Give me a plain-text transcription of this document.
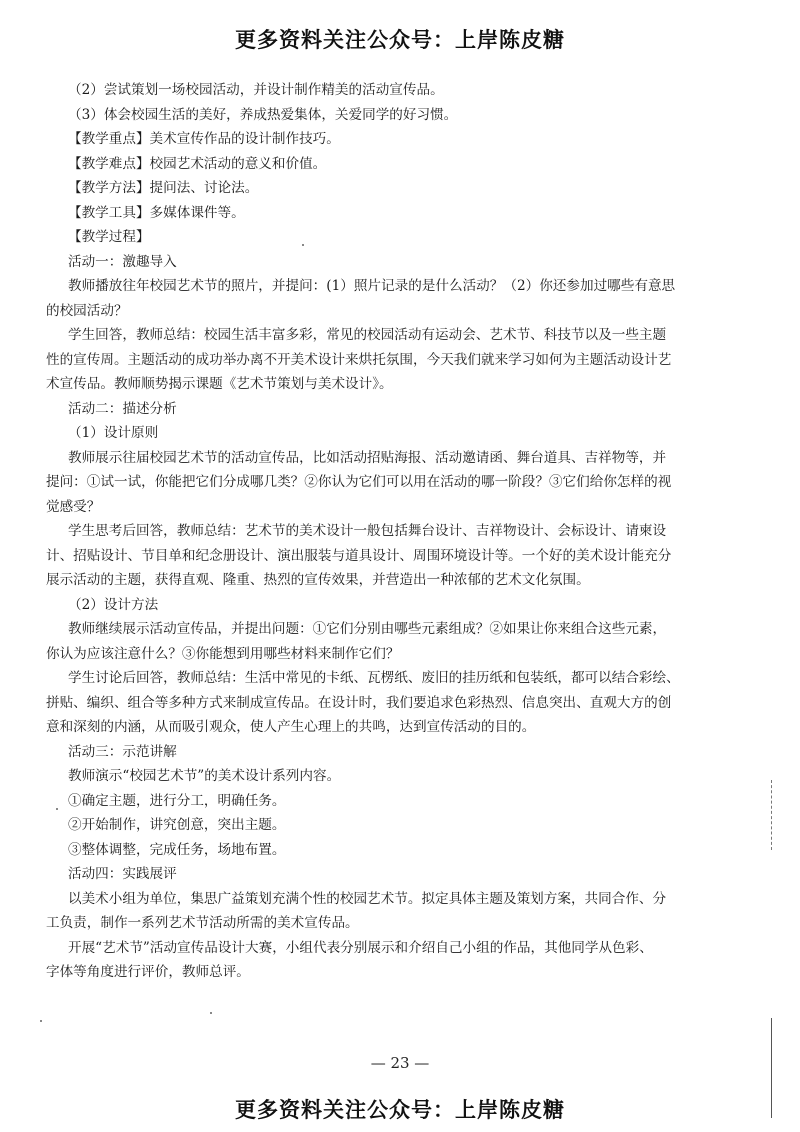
更多资料关注公众号：上岸陈皮糖

（2）尝试策划一场校园活动，并设计制作精美的活动宣传品。

（3）体会校园生活的美好，养成热爱集体，关爱同学的好习惯。

【教学重点】美术宣传作品的设计制作技巧。

【教学难点】校园艺术活动的意义和价值。

【教学方法】提问法、讨论法。

【教学工具】多媒体课件等。

【教学过程】

活动一：激趣导入

教师播放往年校园艺术节的照片，并提问：(1）照片记录的是什么活动？（2）你还参加过哪些有意思

的校园活动？

学生回答，教师总结：校园生活丰富多彩，常见的校园活动有运动会、艺术节、科技节以及一些主题

性的宣传周。主题活动的成功举办离不开美术设计来烘托氛围，今天我们就来学习如何为主题活动设计艺

术宣传品。教师顺势揭示课题《艺术节策划与美术设计》。

活动二：描述分析

（1）设计原则

教师展示往届校园艺术节的活动宣传品，比如活动招贴海报、活动邀请函、舞台道具、吉祥物等，并

提问：①试一试，你能把它们分成哪几类？②你认为它们可以用在活动的哪一阶段？③它们给你怎样的视

觉感受？

学生思考后回答，教师总结：艺术节的美术设计一般包括舞台设计、吉祥物设计、会标设计、请柬设

计、招贴设计、节目单和纪念册设计、演出服装与道具设计、周围环境设计等。一个好的美术设计能充分

展示活动的主题，获得直观、隆重、热烈的宣传效果，并营造出一种浓郁的艺术文化氛围。

（2）设计方法

教师继续展示活动宣传品，并提出问题：①它们分别由哪些元素组成？②如果让你来组合这些元素，

你认为应该注意什么？③你能想到用哪些材料来制作它们？

学生讨论后回答，教师总结：生活中常见的卡纸、瓦楞纸、废旧的挂历纸和包装纸，都可以结合彩绘、

拼贴、编织、组合等多种方式来制成宣传品。在设计时，我们要追求色彩热烈、信息突出、直观大方的创

意和深刻的内涵，从而吸引观众，使人产生心理上的共鸣，达到宣传活动的目的。

活动三：示范讲解

教师演示“校园艺术节”的美术设计系列内容。

①确定主题，进行分工，明确任务。

②开始制作，讲究创意，突出主题。

③整体调整，完成任务，场地布置。

活动四：实践展评

以美术小组为单位，集思广益策划充满个性的校园艺术节。拟定具体主题及策划方案，共同合作、分

工负责，制作一系列艺术节活动所需的美术宣传品。

开展“艺术节”活动宣传品设计大赛，小组代表分别展示和介绍自己小组的作品，其他同学从色彩、

字体等角度进行评价，教师总评。

— 23 —
更多资料关注公众号：上岸陈皮糖
